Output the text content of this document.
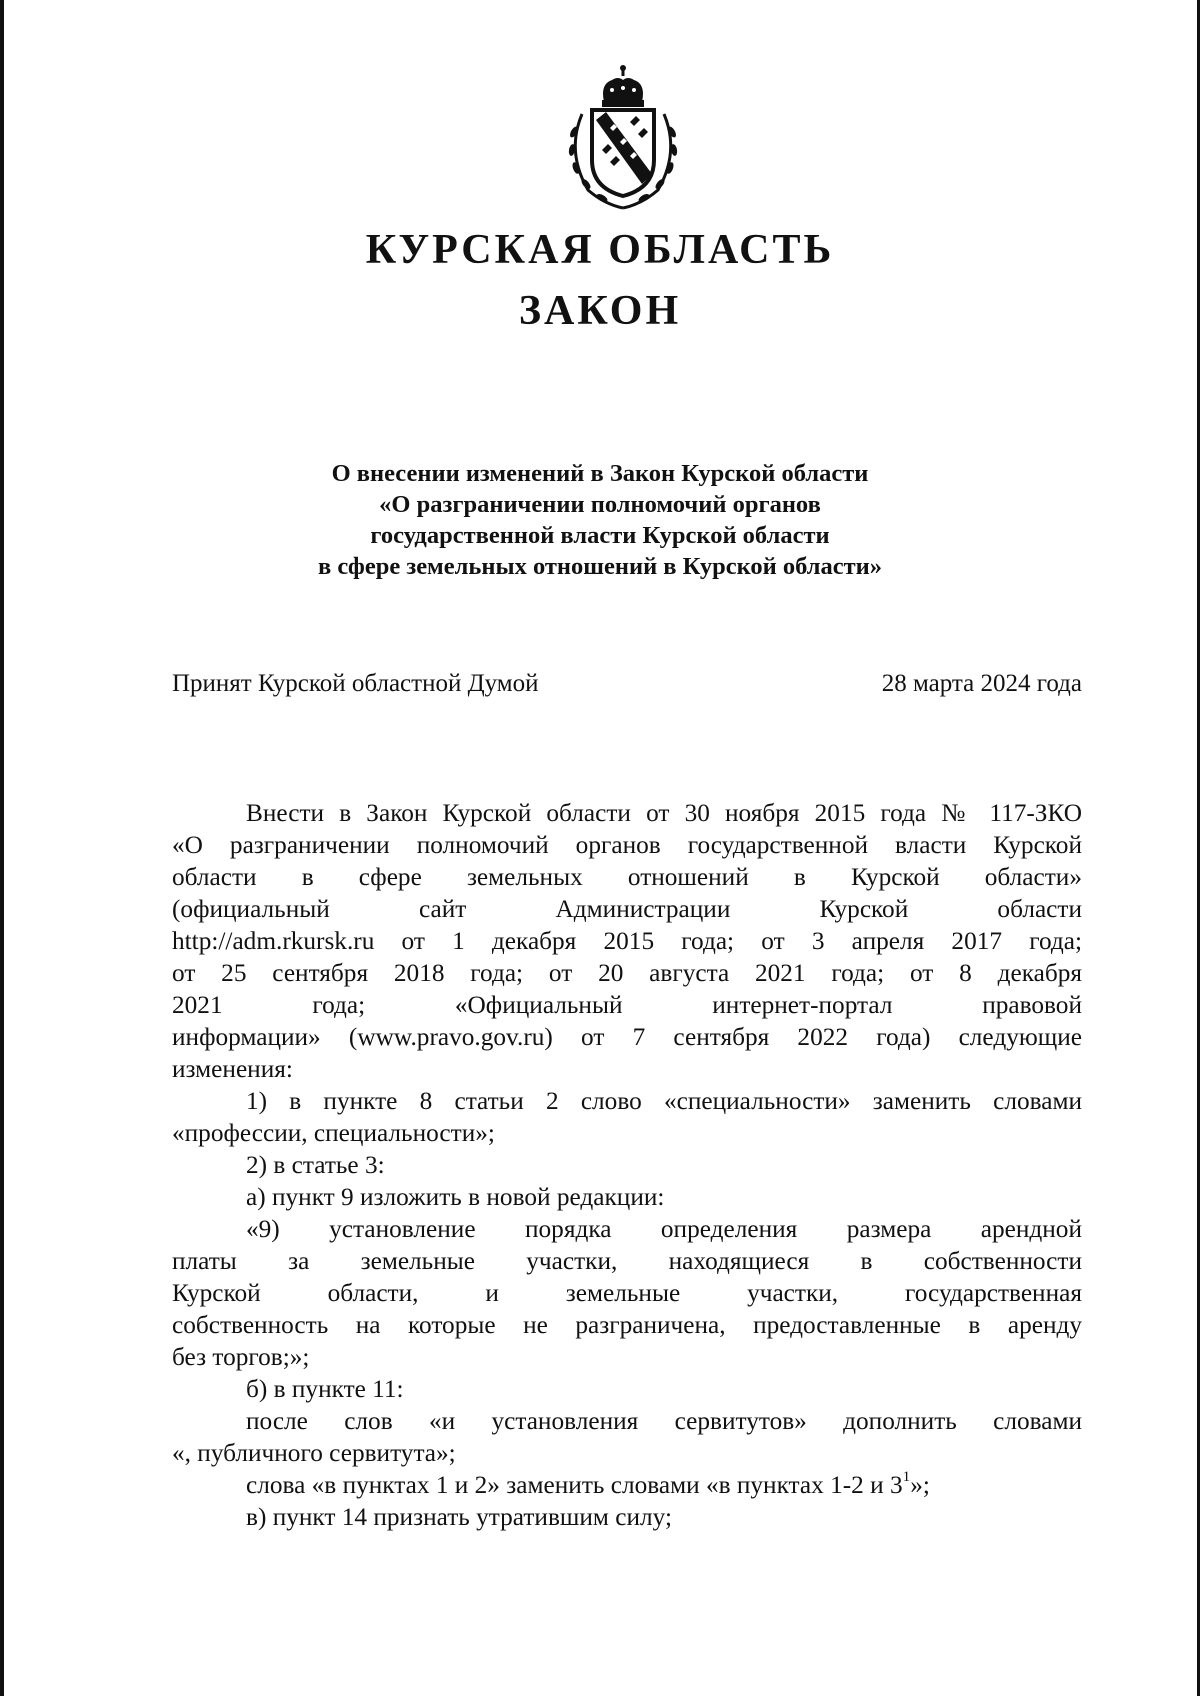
КУРСКАЯ ОБЛАСТЬ
ЗАКОН
О внесении изменений в Закон Курской области
«О разграничении полномочий органов
государственной власти Курской области
в сфере земельных отношений в Курской области»
Принят Курской областной Думой	28 марта 2024 года
Внести в Закон Курской области от 30 ноября 2015 года № 117-ЗКО
«О разграничении полномочий органов государственной власти Курской
области в сфере земельных отношений в Курской области»
(официальный сайт Администрации Курской области
http://adm.rkursk.ru от 1 декабря 2015 года; от 3 апреля 2017 года;
от 25 сентября 2018 года; от 20 августа 2021 года; от 8 декабря
2021 года; «Официальный интернет-портал правовой
информации» (www.pravo.gov.ru) от 7 сентября 2022 года) следующие
изменения:
1) в пункте 8 статьи 2 слово «специальности» заменить словами
«профессии, специальности»;
2) в статье 3:
а) пункт 9 изложить в новой редакции:
«9) установление порядка определения размера арендной
платы за земельные участки, находящиеся в собственности
Курской области, и земельные участки, государственная
собственность на которые не разграничена, предоставленные в аренду
без торгов;»;
б) в пункте 11:
после слов «и установления сервитутов» дополнить словами
«, публичного сервитута»;
слова «в пунктах 1 и 2» заменить словами «в пунктах 1-2 и $3^1$»;
в) пункт 14 признать утратившим силу;
